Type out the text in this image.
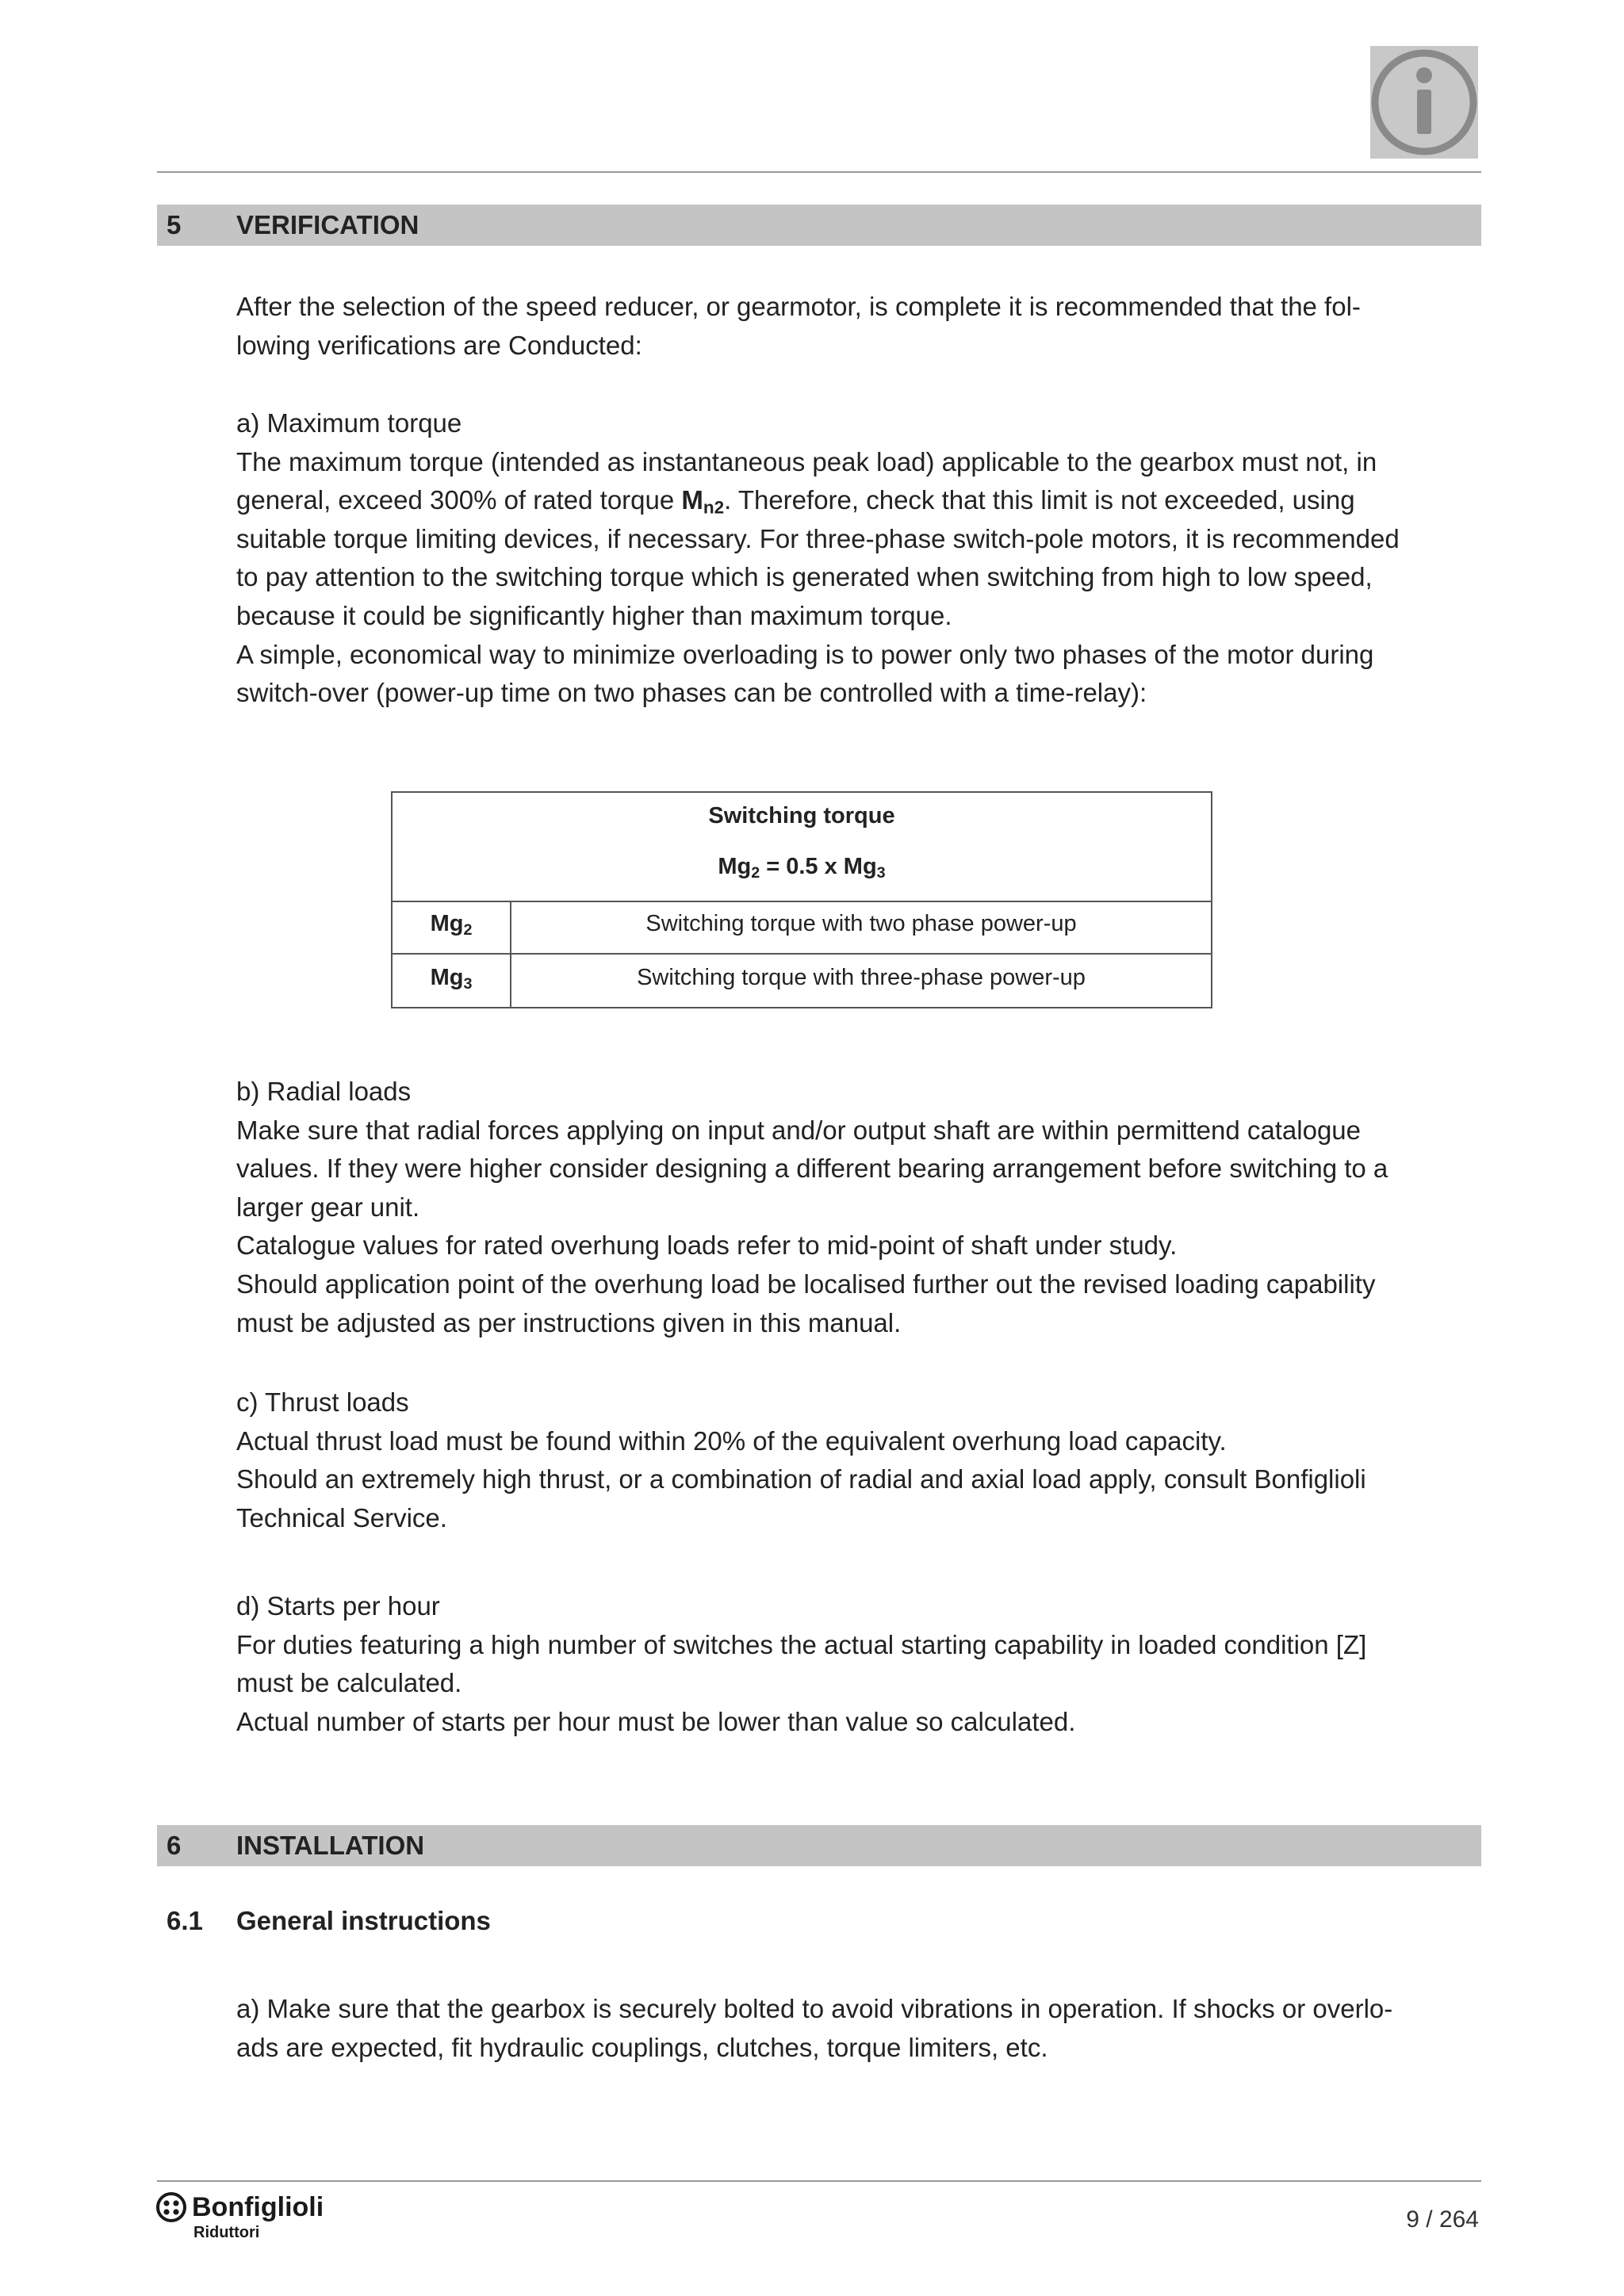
5 VERIFICATION

After the selection of the speed reducer, or gearmotor, is complete it is recommended that the fol-

lowing verifications are Conducted:

a) Maximum torque

The maximum torque (intended as instantaneous peak load) applicable to the gearbox must not, in

general, exceed 300% of rated torque $M_{n2}$. Therefore, check that this limit is not exceeded, using

suitable torque limiting devices, if necessary. For three-phase switch-pole motors, it is recommended

to pay attention to the switching torque which is generated when switching from high to low speed,

because it could be significantly higher than maximum torque.

A simple, economical way to minimize overloading is to power only two phases of the motor during

switch-over (power-up time on two phases can be controlled with a time-relay):

Switching torque
$Mg_2 = 0.5$ x $Mg_3$
$Mg_2$	Switching torque with two phase power-up
$Mg_3$	Switching torque with three-phase power-up

b) Radial loads

Make sure that radial forces applying on input and/or output shaft are within permittend catalogue

values. If they were higher consider designing a different bearing arrangement before switching to a

larger gear unit.

Catalogue values for rated overhung loads refer to mid-point of shaft under study.

Should application point of the overhung load be localised further out the revised loading capability

must be adjusted as per instructions given in this manual.

c) Thrust loads

Actual thrust load must be found within 20% of the equivalent overhung load capacity.

Should an extremely high thrust, or a combination of radial and axial load apply, consult Bonfiglioli

Technical Service.

d) Starts per hour

For duties featuring a high number of switches the actual starting capability in loaded condition [Z]

must be calculated.

Actual number of starts per hour must be lower than value so calculated.

6 INSTALLATION
6.1 General instructions

a) Make sure that the gearbox is securely bolted to avoid vibrations in operation. If shocks or overlo-

ads are expected, fit hydraulic couplings, clutches, torque limiters, etc.

Bonfiglioli
Riduttori	9 / 264
